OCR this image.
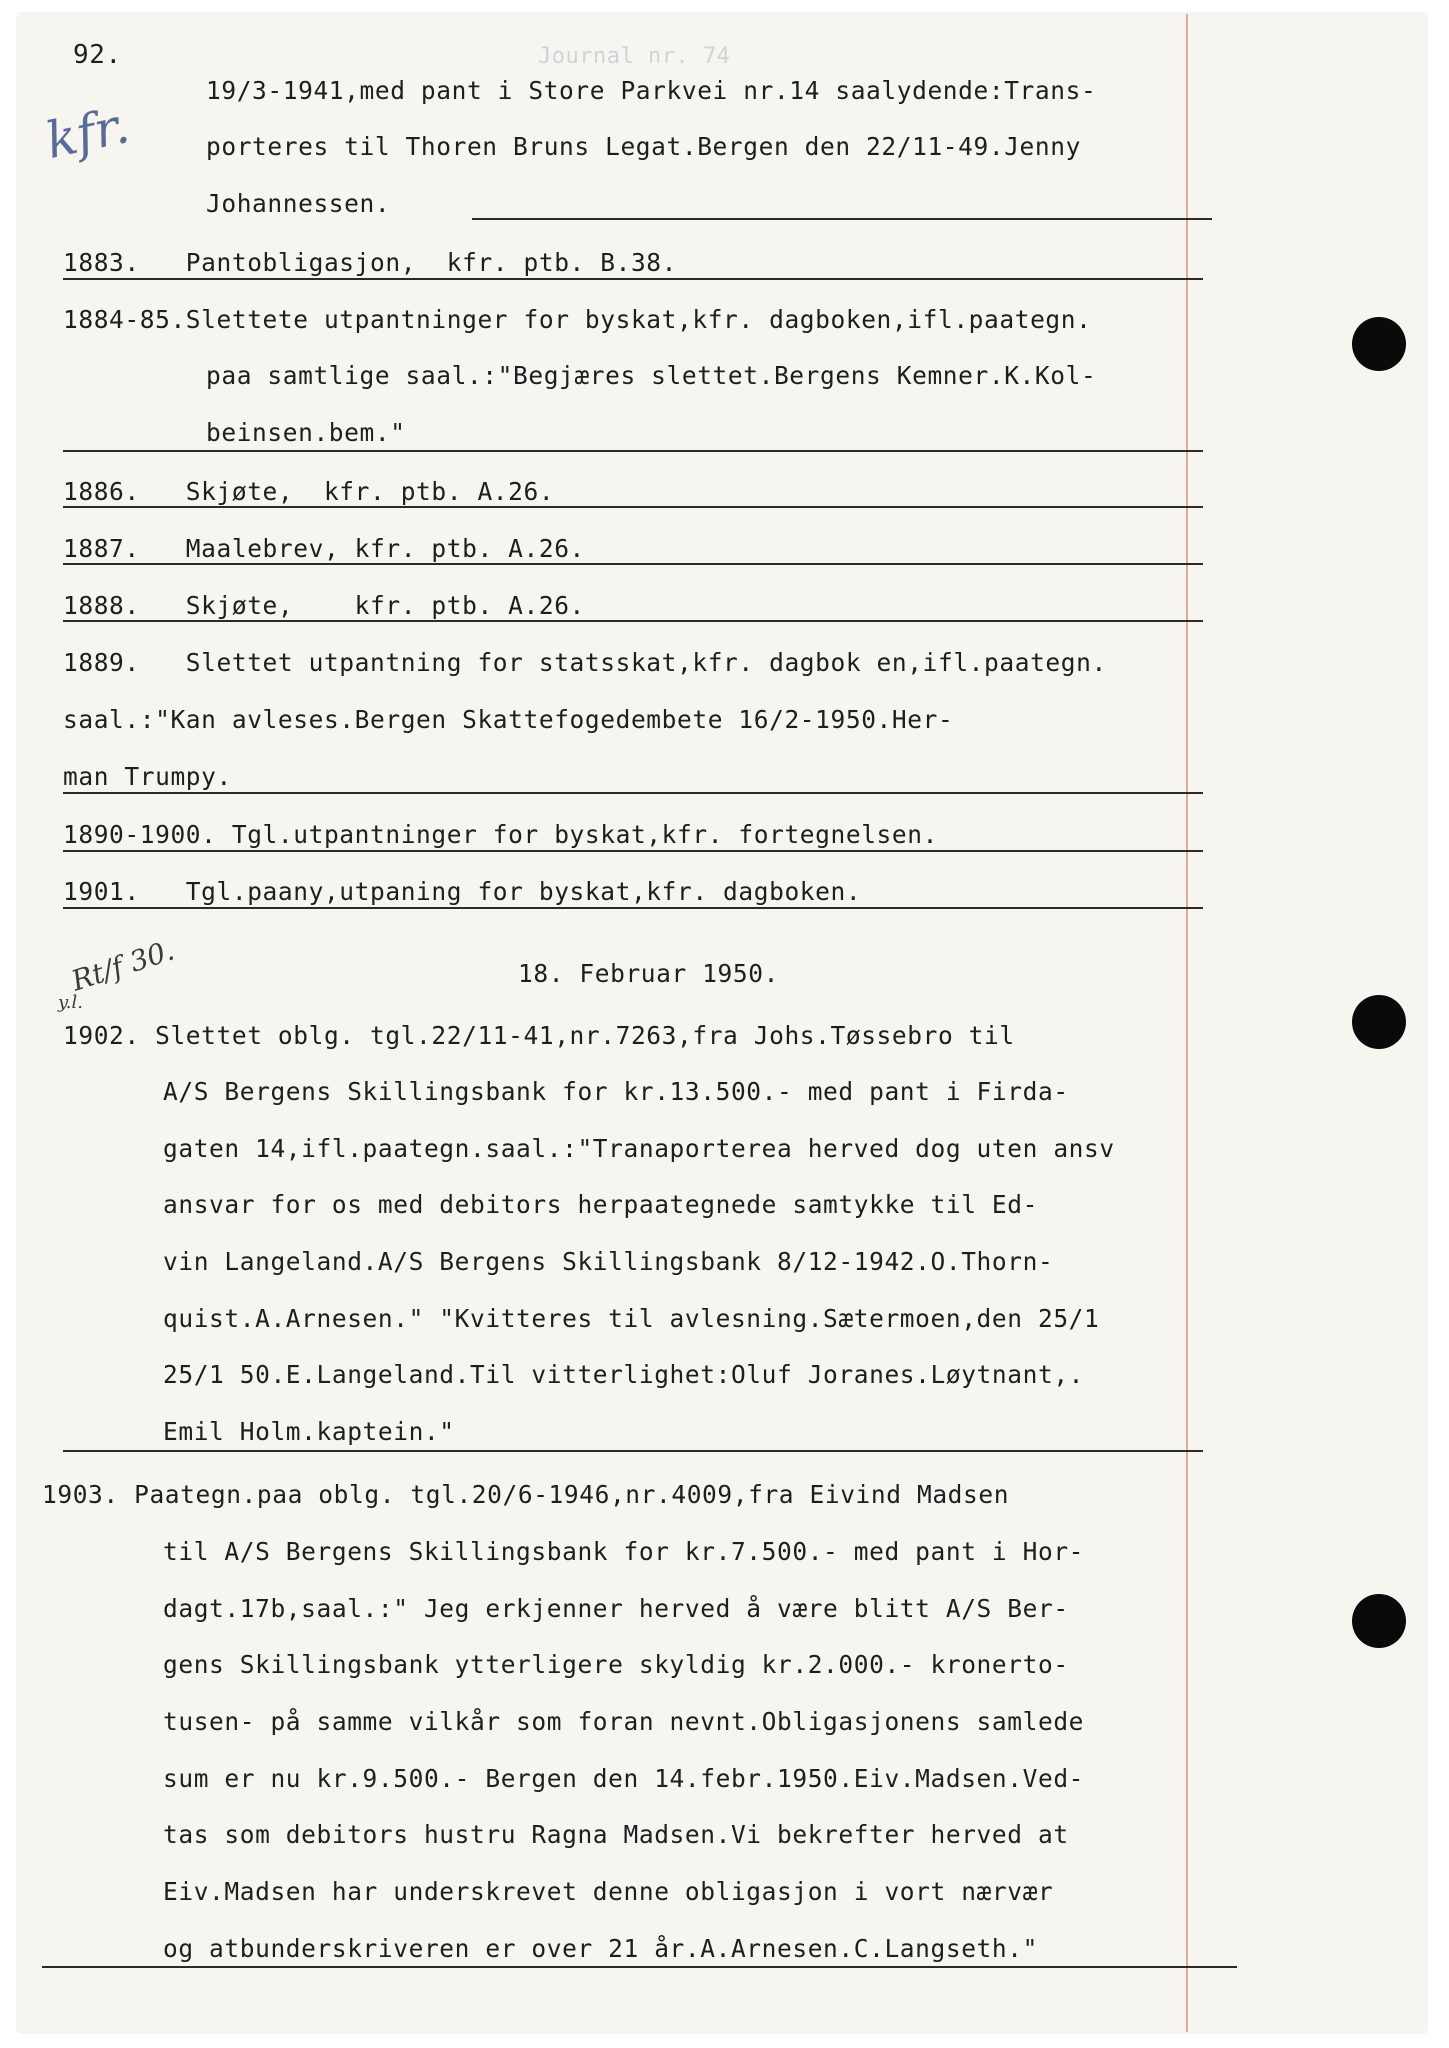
Journal nr. 74
92.
kfr.
Rt/f 30.
y.l.
19/3-1941,med pant i Store Parkvei nr.14 saalydende:Trans-
porteres til Thoren Bruns Legat.Bergen den 22/11-49.Jenny
Johannessen.
1883.   Pantobligasjon,  kfr. ptb. B.38.
1884-85.Slettete utpantninger for byskat,kfr. dagboken,ifl.paategn.
paa samtlige saal.:"Begjæres slettet.Bergens Kemner.K.Kol-
beinsen.bem."
1886.   Skjøte,  kfr. ptb. A.26.
1887.   Maalebrev, kfr. ptb. A.26.
1888.   Skjøte,    kfr. ptb. A.26.
1889.   Slettet utpantning for statsskat,kfr. dagbok en,ifl.paategn.
saal.:"Kan avleses.Bergen Skattefogedembete 16/2-1950.Her-
man Trumpy.
1890-1900. Tgl.utpantninger for byskat,kfr. fortegnelsen.
1901.   Tgl.paany,utpaning for byskat,kfr. dagboken.
18. Februar 1950.
1902. Slettet oblg. tgl.22/11-41,nr.7263,fra Johs.Tøssebro til
A/S Bergens Skillingsbank for kr.13.500.- med pant i Firda-
gaten 14,ifl.paategn.saal.:"Tranaporterea herved dog uten ansv
ansvar for os med debitors herpaategnede samtykke til Ed-
vin Langeland.A/S Bergens Skillingsbank 8/12-1942.O.Thorn-
quist.A.Arnesen." "Kvitteres til avlesning.Sætermoen,den 25/1
25/1 50.E.Langeland.Til vitterlighet:Oluf Joranes.Løytnant,.
Emil Holm.kaptein."
1903. Paategn.paa oblg. tgl.20/6-1946,nr.4009,fra Eivind Madsen
til A/S Bergens Skillingsbank for kr.7.500.- med pant i Hor-
dagt.17b,saal.:" Jeg erkjenner herved å være blitt A/S Ber-
gens Skillingsbank ytterligere skyldig kr.2.000.- kronerto-
tusen- på samme vilkår som foran nevnt.Obligasjonens samlede
sum er nu kr.9.500.- Bergen den 14.febr.1950.Eiv.Madsen.Ved-
tas som debitors hustru Ragna Madsen.Vi bekrefter herved at
Eiv.Madsen har underskrevet denne obligasjon i vort nærvær
og atbunderskriveren er over 21 år.A.Arnesen.C.Langseth."
